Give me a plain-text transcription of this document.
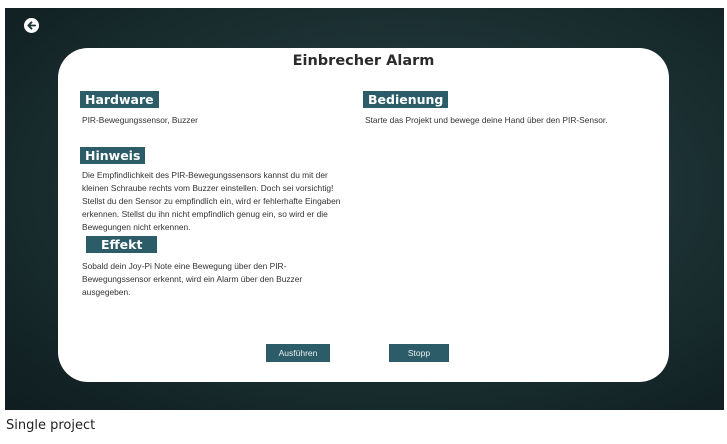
Einbrecher Alarm
Hardware
PIR-Bewegungssensor, Buzzer
Bedienung
Starte das Projekt und bewege deine Hand über den PIR-Sensor.
Hinweis
Die Empfindlichkeit des PIR-Bewegungssensors kannst du mit der
kleinen Schraube rechts vom Buzzer einstellen. Doch sei vorsichtig!
Stellst du den Sensor zu empfindlich ein, wird er fehlerhafte Eingaben
erkennen. Stellst du ihn nicht empfindlich genug ein, so wird er die
Bewegungen nicht erkennen.
Effekt
Sobald dein Joy-Pi Note eine Bewegung über den PIR-
Bewegungssensor erkennt, wird ein Alarm über den Buzzer
ausgegeben.
Ausführen	Stopp
Single project
